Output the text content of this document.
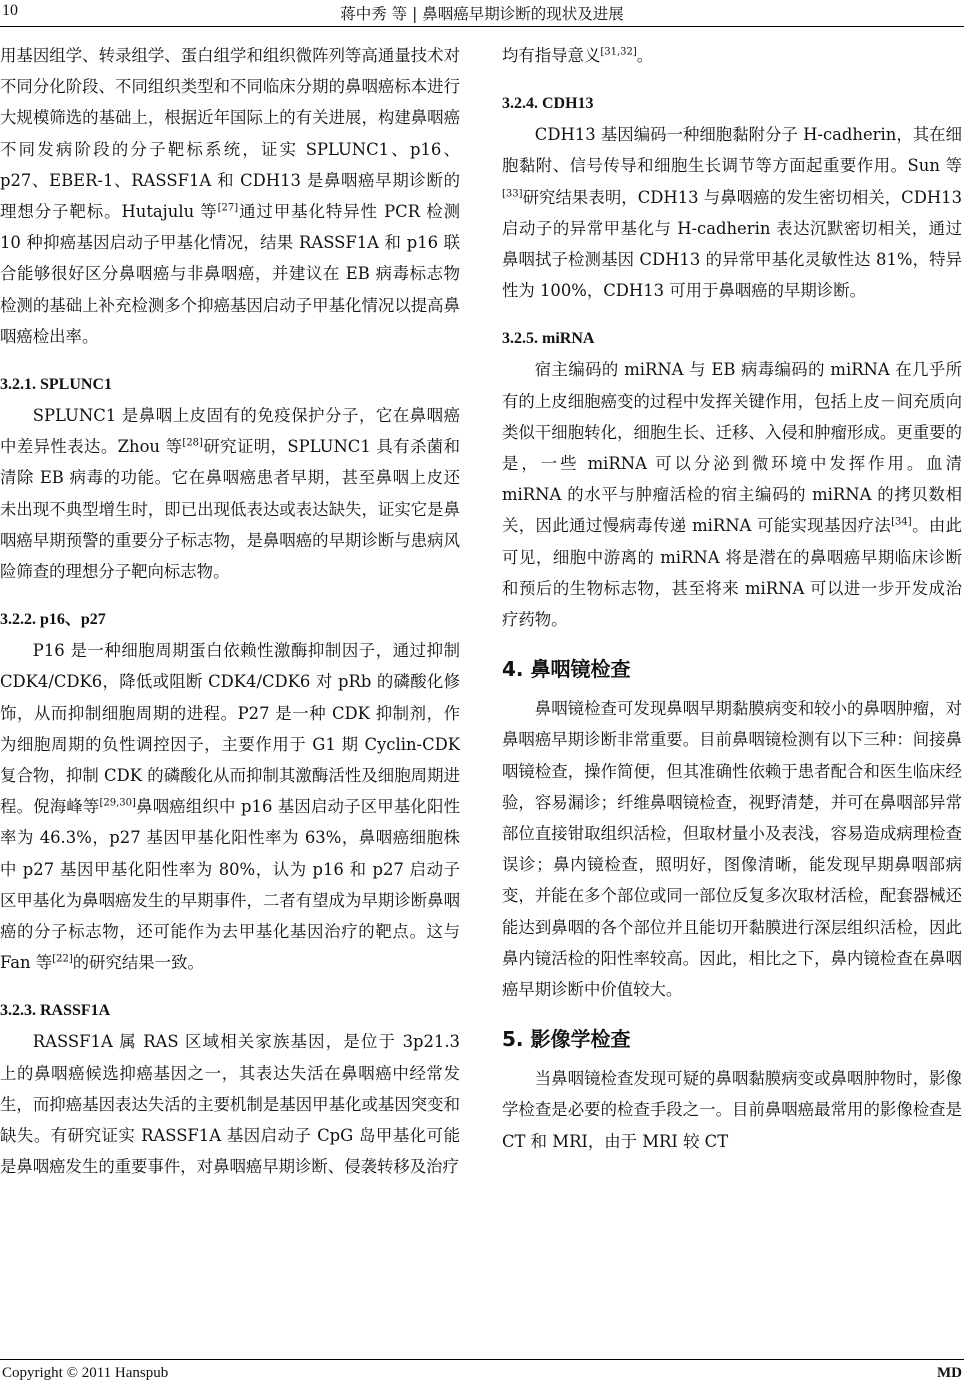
10	蒋中秀 等 | 鼻咽癌早期诊断的现状及进展

用基因组学、转录组学、蛋白组学和组织微阵列等高通量技术对不同分化阶段、不同组织类型和不同临床分期的鼻咽癌标本进行大规模筛选的基础上，根据近年国际上的有关进展，构建鼻咽癌不同发病阶段的分子靶标系统，证实 SPLUNC1、p16、p27、EBER-1、RASSF1A 和 CDH13 是鼻咽癌早期诊断的理想分子靶标。Hutajulu 等[27]通过甲基化特异性 PCR 检测 10 种抑癌基因启动子甲基化情况，结果 RASSF1A 和 p16 联合能够很好区分鼻咽癌与非鼻咽癌，并建议在 EB 病毒标志物检测的基础上补充检测多个抑癌基因启动子甲基化情况以提高鼻咽癌检出率。

3.2.1. SPLUNC1

SPLUNC1 是鼻咽上皮固有的免疫保护分子，它在鼻咽癌中差异性表达。Zhou 等[28]研究证明，SPLUNC1 具有杀菌和清除 EB 病毒的功能。它在鼻咽癌患者早期，甚至鼻咽上皮还未出现不典型增生时，即已出现低表达或表达缺失，证实它是鼻咽癌早期预警的重要分子标志物，是鼻咽癌的早期诊断与患病风险筛查的理想分子靶向标志物。

3.2.2. p16、p27

P16 是一种细胞周期蛋白依赖性激酶抑制因子，通过抑制 CDK4/CDK6，降低或阻断 CDK4/CDK6 对 pRb 的磷酸化修饰，从而抑制细胞周期的进程。P27 是一种 CDK 抑制剂，作为细胞周期的负性调控因子，主要作用于 G1 期 Cyclin-CDK 复合物，抑制 CDK 的磷酸化从而抑制其激酶活性及细胞周期进程。倪海峰等[29,30]鼻咽癌组织中 p16 基因启动子区甲基化阳性率为 46.3%，p27 基因甲基化阳性率为 63%，鼻咽癌细胞株中 p27 基因甲基化阳性率为 80%，认为 p16 和 p27 启动子区甲基化为鼻咽癌发生的早期事件，二者有望成为早期诊断鼻咽癌的分子标志物，还可能作为去甲基化基因治疗的靶点。这与 Fan 等[22]的研究结果一致。

3.2.3. RASSF1A

RASSF1A 属 RAS 区域相关家族基因，是位于 3p21.3 上的鼻咽癌候选抑癌基因之一，其表达失活在鼻咽癌中经常发生，而抑癌基因表达失活的主要机制是基因甲基化或基因突变和缺失。有研究证实 RASSF1A 基因启动子 CpG 岛甲基化可能是鼻咽癌发生的重要事件，对鼻咽癌早期诊断、侵袭转移及治疗

均有指导意义[31,32]。

3.2.4. CDH13

CDH13 基因编码一种细胞黏附分子 H-cadherin，其在细胞黏附、信号传导和细胞生长调节等方面起重要作用。Sun 等[33]研究结果表明，CDH13 与鼻咽癌的发生密切相关，CDH13 启动子的异常甲基化与 H-cadherin 表达沉默密切相关，通过鼻咽拭子检测基因 CDH13 的异常甲基化灵敏性达 81%，特异性为 100%，CDH13 可用于鼻咽癌的早期诊断。

3.2.5. miRNA

宿主编码的 miRNA 与 EB 病毒编码的 miRNA 在几乎所有的上皮细胞癌变的过程中发挥关键作用，包括上皮－间充质向类似干细胞转化，细胞生长、迁移、入侵和肿瘤形成。更重要的是，一些 miRNA 可以分泌到微环境中发挥作用。血清 miRNA 的水平与肿瘤活检的宿主编码的 miRNA 的拷贝数相关，因此通过慢病毒传递 miRNA 可能实现基因疗法[34]。由此可见，细胞中游离的 miRNA 将是潜在的鼻咽癌早期临床诊断和预后的生物标志物，甚至将来 miRNA 可以进一步开发成治疗药物。

4. 鼻咽镜检查

鼻咽镜检查可发现鼻咽早期黏膜病变和较小的鼻咽肿瘤，对鼻咽癌早期诊断非常重要。目前鼻咽镜检测有以下三种：间接鼻咽镜检查，操作简便，但其准确性依赖于患者配合和医生临床经验，容易漏诊；纤维鼻咽镜检查，视野清楚，并可在鼻咽部异常部位直接钳取组织活检，但取材量小及表浅，容易造成病理检查误诊；鼻内镜检查，照明好，图像清晰，能发现早期鼻咽部病变，并能在多个部位或同一部位反复多次取材活检，配套器械还能达到鼻咽的各个部位并且能切开黏膜进行深层组织活检，因此鼻内镜活检的阳性率较高。因此，相比之下，鼻内镜检查在鼻咽癌早期诊断中价值较大。

5. 影像学检查

当鼻咽镜检查发现可疑的鼻咽黏膜病变或鼻咽肿物时，影像学检查是必要的检查手段之一。目前鼻咽癌最常用的影像检查是 CT 和 MRI，由于 MRI 较 CT

Copyright © 2011 Hanspub	MD
